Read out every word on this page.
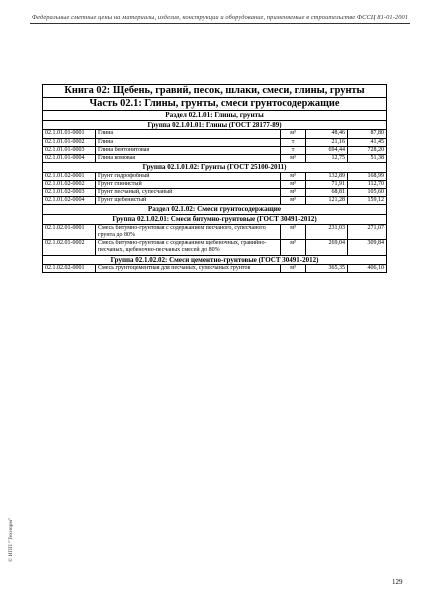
Федеральные сметные цены на материалы, изделия, конструкции и оборудование, применяемые в строительстве ФССЦ 81-01-2001
Книга 02: Щебень, гравий, песок, шлаки, смеси, глины, грунты				
Часть 02.1: Глины, грунты, смеси грунтосодержащие				
Раздел 02.1.01: Глины, грунты				
Группа 02.1.01.01: Глины (ГОСТ 28177-89)				
02.1.01.01-0001	Глина	м³	48,46	87,80
02.1.01.01-0002	Глина	т	21,16	41,45
02.1.01.01-0003	Глина бентонитовая	т	694,44	728,20
02.1.01.01-0004	Глина комовая	м³	12,75	51,38
Группа 02.1.01.02: Грунты (ГОСТ 25100-2011)				
02.1.01.02-0001	Грунт гидрофобный	м³	132,89	168,99
02.1.01.02-0002	Грунт глинистый	м³	71,91	112,70
02.1.01.02-0003	Грунт песчаный, супесчаный	м³	68,81	105,60
02.1.01.02-0004	Грунт щебенистый	м³	121,28	159,12
Раздел 02.1.02: Смеси грунтосодержащие				
Группа 02.1.02.01: Смеси битумно-грунтовые (ГОСТ 30491-2012)				
02.1.02.01-0001	Смесь битумно-грунтовая с содержанием песчаного, супесчаного грунта до 80%	м³	231,03	271,07
02.1.02.01-0002	Смесь битумно-грунтовая с содержанием щебеночных, гравийно- песчаных, щебеночно-песчаных смесей до 80%	м³	269,04	309,84
Группа 02.1.02.02: Смеси цементно-грунтовые (ГОСТ 30491-2012)				
02.1.02.02-0001	Смесь грунтоцементная для песчаных, супесчаных грунтов	м³	365,35	406,10
129
© ИПП "Технорм"
